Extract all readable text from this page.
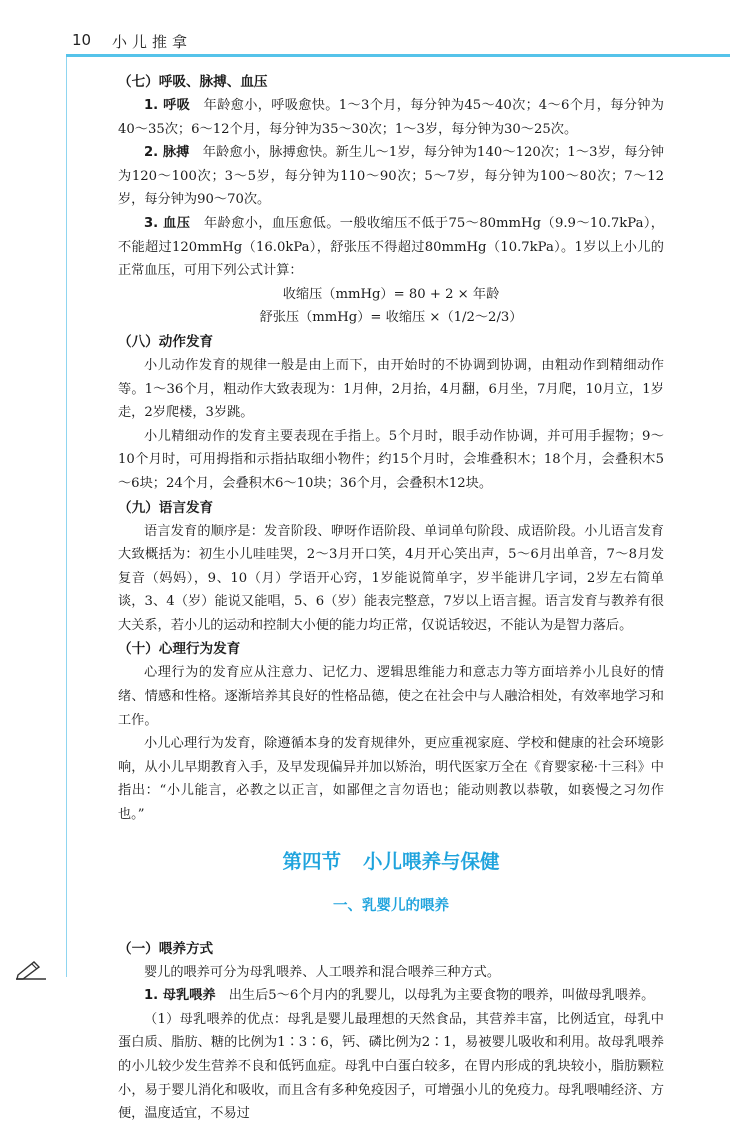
10 小儿推拿
（七）呼吸、脉搏、血压

1. 呼吸　年龄愈小，呼吸愈快。1～3个月，每分钟为45～40次；4～6个月，每分钟为40～35次；6～12个月，每分钟为35～30次；1～3岁，每分钟为30～25次。

2. 脉搏　年龄愈小，脉搏愈快。新生儿～1岁，每分钟为140～120次；1～3岁，每分钟为120～100次；3～5岁，每分钟为110～90次；5～7岁，每分钟为100～80次；7～12岁，每分钟为90～70次。

3. 血压　年龄愈小，血压愈低。一般收缩压不低于75～80mmHg（9.9～10.7kPa），不能超过120mmHg（16.0kPa），舒张压不得超过80mmHg（10.7kPa）。1岁以上小儿的正常血压，可用下列公式计算：

收缩压（mmHg）= 80 + 2 × 年龄

舒张压（mmHg）= 收缩压 ×（1/2～2/3）

（八）动作发育

小儿动作发育的规律一般是由上而下，由开始时的不协调到协调，由粗动作到精细动作等。1～36个月，粗动作大致表现为：1月伸，2月抬，4月翻，6月坐，7月爬，10月立，1岁走，2岁爬楼，3岁跳。

小儿精细动作的发育主要表现在手指上。5个月时，眼手动作协调，并可用手握物；9～10个月时，可用拇指和示指拈取细小物件；约15个月时，会堆叠积木；18个月，会叠积木5～6块；24个月，会叠积木6～10块；36个月，会叠积木12块。

（九）语言发育

语言发育的顺序是：发音阶段、咿呀作语阶段、单词单句阶段、成语阶段。小儿语言发育大致概括为：初生小儿哇哇哭，2～3月开口笑，4月开心笑出声，5～6月出单音，7～8月发复音（妈妈），9、10（月）学语开心窍，1岁能说简单字，岁半能讲几字词，2岁左右简单谈，3、4（岁）能说又能唱，5、6（岁）能表完整意，7岁以上语言握。语言发育与教养有很大关系，若小儿的运动和控制大小便的能力均正常，仅说话较迟，不能认为是智力落后。

（十）心理行为发育

心理行为的发育应从注意力、记忆力、逻辑思维能力和意志力等方面培养小儿良好的情绪、情感和性格。逐渐培养其良好的性格品德，使之在社会中与人融洽相处，有效率地学习和工作。

小儿心理行为发育，除遵循本身的发育规律外，更应重视家庭、学校和健康的社会环境影响，从小儿早期教育入手，及早发现偏异并加以矫治，明代医家万全在《育婴家秘·十三科》中指出：“小儿能言，必教之以正言，如鄙俚之言勿语也；能动则教以恭敬，如亵慢之习勿作也。”

第四节 小儿喂养与保健
一、乳婴儿的喂养
（一）喂养方式

婴儿的喂养可分为母乳喂养、人工喂养和混合喂养三种方式。

1. 母乳喂养　出生后5～6个月内的乳婴儿，以母乳为主要食物的喂养，叫做母乳喂养。

（1）母乳喂养的优点：母乳是婴儿最理想的天然食品，其营养丰富，比例适宜，母乳中蛋白质、脂肪、糖的比例为1∶3∶6，钙、磷比例为2∶1，易被婴儿吸收和利用。故母乳喂养的小儿较少发生营养不良和低钙血症。母乳中白蛋白较多，在胃内形成的乳块较小，脂肪颗粒小，易于婴儿消化和吸收，而且含有多种免疫因子，可增强小儿的免疫力。母乳喂哺经济、方便，温度适宜，不易过
